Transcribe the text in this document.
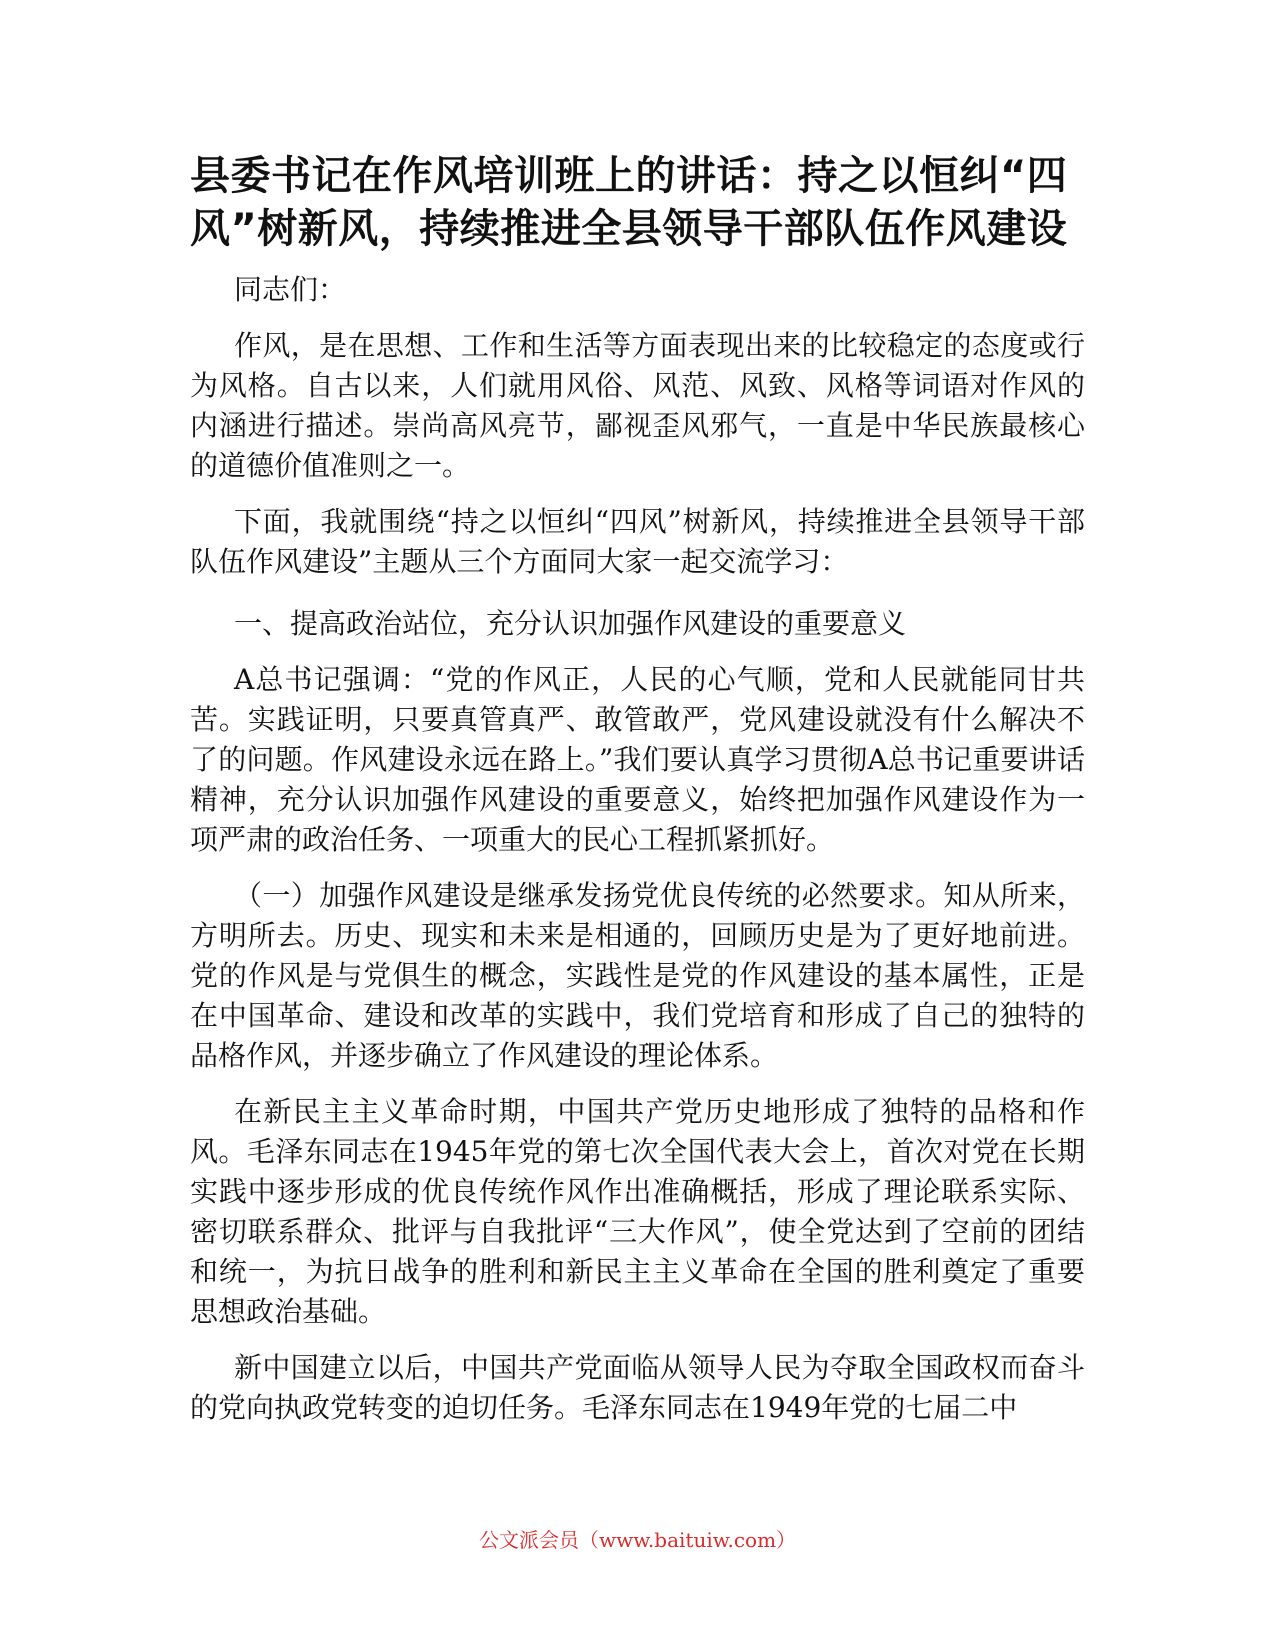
县委书记在作风培训班上的讲话：持之以恒纠“四风”树新风，持续推进全县领导干部队伍作风建设

同志们：

作风，是在思想、工作和生活等方面表现出来的比较稳定的态度或行为风格。自古以来，人们就用风俗、风范、风致、风格等词语对作风的内涵进行描述。崇尚高风亮节，鄙视歪风邪气，一直是中华民族最核心的道德价值准则之一。

下面，我就围绕“持之以恒纠“四风”树新风，持续推进全县领导干部队伍作风建设”主题从三个方面同大家一起交流学习：

一、提高政治站位，充分认识加强作风建设的重要意义

A总书记强调：“党的作风正，人民的心气顺，党和人民就能同甘共苦。实践证明，只要真管真严、敢管敢严，党风建设就没有什么解决不了的问题。作风建设永远在路上。”我们要认真学习贯彻A总书记重要讲话精神，充分认识加强作风建设的重要意义，始终把加强作风建设作为一项严肃的政治任务、一项重大的民心工程抓紧抓好。

（一）加强作风建设是继承发扬党优良传统的必然要求。知从所来，方明所去。历史、现实和未来是相通的，回顾历史是为了更好地前进。党的作风是与党俱生的概念，实践性是党的作风建设的基本属性，正是在中国革命、建设和改革的实践中，我们党培育和形成了自己的独特的品格作风，并逐步确立了作风建设的理论体系。

在新民主主义革命时期，中国共产党历史地形成了独特的品格和作风。毛泽东同志在1945年党的第七次全国代表大会上，首次对党在长期实践中逐步形成的优良传统作风作出准确概括，形成了理论联系实际、密切联系群众、批评与自我批评“三大作风”，使全党达到了空前的团结和统一，为抗日战争的胜利和新民主主义革命在全国的胜利奠定了重要思想政治基础。

新中国建立以后，中国共产党面临从领导人民为夺取全国政权而奋斗的党向执政党转变的迫切任务。毛泽东同志在1949年党的七届二中

公文派会员（www.baituiw.com）
